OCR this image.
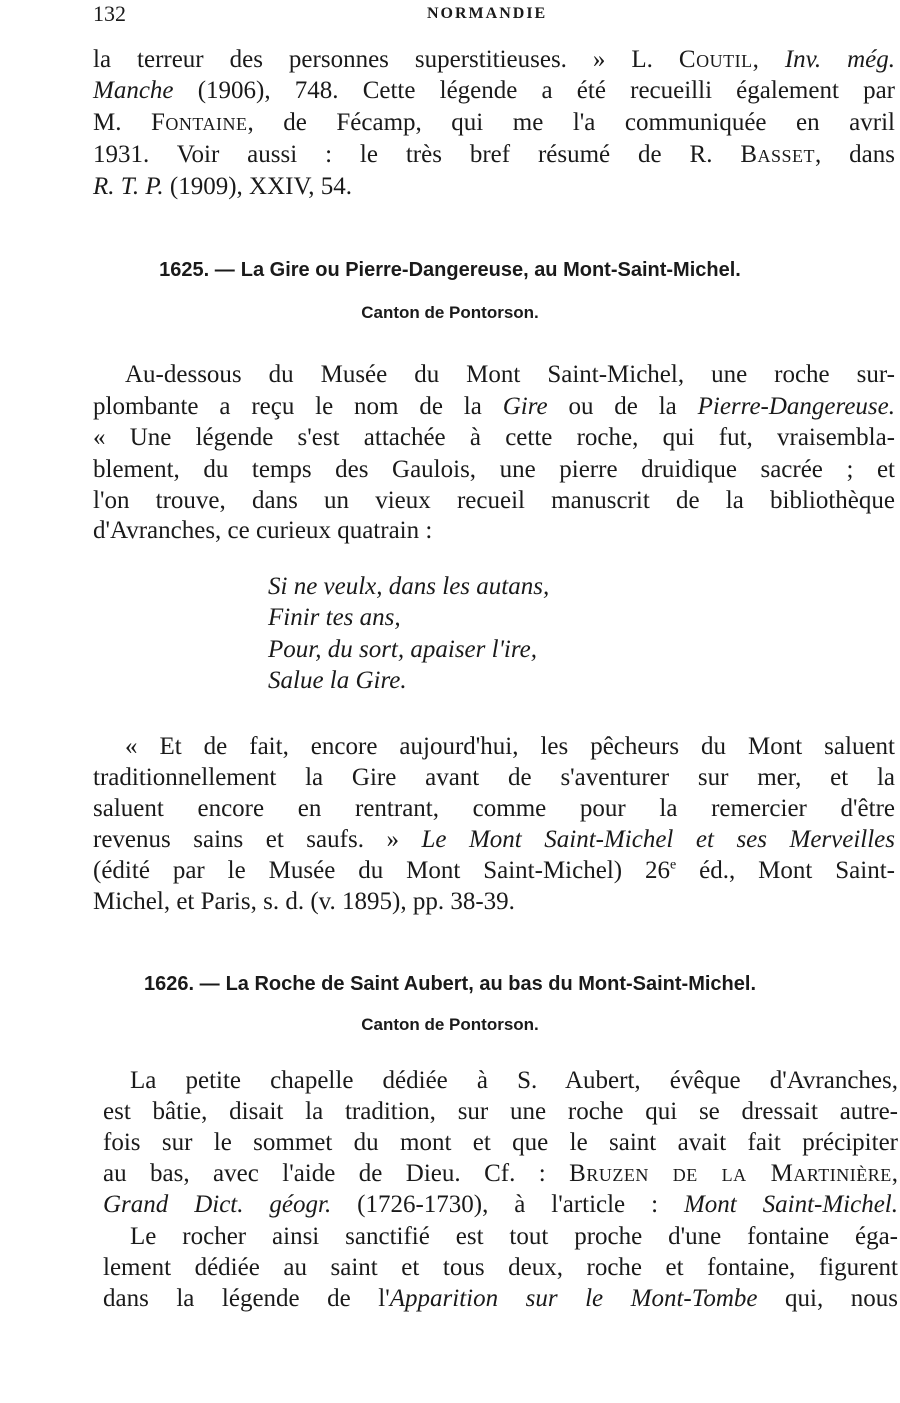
132	NORMANDIE
la terreur des personnes superstitieuses. » L. Coutil, Inv. még.
Manche (1906), 748. Cette légende a été recueilli également par
M. Fontaine, de Fécamp, qui me l'a communiquée en avril
1931. Voir aussi : le très bref résumé de R. Basset, dans
R. T. P. (1909), XXIV, 54.
1625. — La Gire ou Pierre-Dangereuse, au Mont-Saint-Michel.
Canton de Pontorson.
Au-dessous du Musée du Mont Saint-Michel, une roche sur-
plombante a reçu le nom de la Gire ou de la Pierre-Dangereuse.
« Une légende s'est attachée à cette roche, qui fut, vraisembla-
blement, du temps des Gaulois, une pierre druidique sacrée ; et
l'on trouve, dans un vieux recueil manuscrit de la bibliothèque
d'Avranches, ce curieux quatrain :
Si ne veulx, dans les autans,
Finir tes ans,
Pour, du sort, apaiser l'ire,
Salue la Gire.
« Et de fait, encore aujourd'hui, les pêcheurs du Mont saluent
traditionnellement la Gire avant de s'aventurer sur mer, et la
saluent encore en rentrant, comme pour la remercier d'être
revenus sains et saufs. » Le Mont Saint-Michel et ses Merveilles
(édité par le Musée du Mont Saint-Michel) 26e éd., Mont Saint-
Michel, et Paris, s. d. (v. 1895), pp. 38-39.
1626. — La Roche de Saint Aubert, au bas du Mont-Saint-Michel.
Canton de Pontorson.
La petite chapelle dédiée à S. Aubert, évêque d'Avranches,
est bâtie, disait la tradition, sur une roche qui se dressait autre-
fois sur le sommet du mont et que le saint avait fait précipiter
au bas, avec l'aide de Dieu. Cf. : Bruzen de la Martinière,
Grand Dict. géogr. (1726-1730), à l'article : Mont Saint-Michel.
Le rocher ainsi sanctifié est tout proche d'une fontaine éga-
lement dédiée au saint et tous deux, roche et fontaine, figurent
dans la légende de l'Apparition sur le Mont-Tombe qui, nous
